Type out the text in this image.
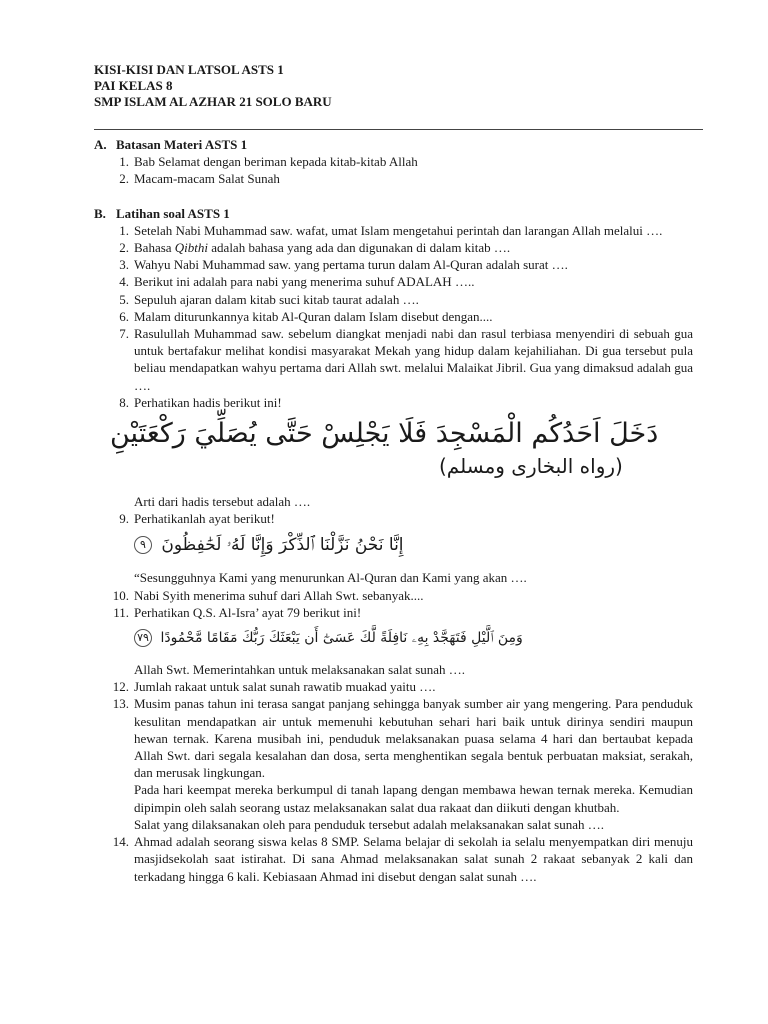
KISI-KISI DAN LATSOL ASTS 1
PAI KELAS 8
SMP ISLAM AL AZHAR 21 SOLO BARU
A. Batasan Materi ASTS 1
1. Bab Selamat dengan beriman kepada kitab-kitab Allah
2. Macam-macam Salat Sunah
B. Latihan soal ASTS 1
1. Setelah Nabi Muhammad saw. wafat, umat Islam mengetahui perintah dan larangan Allah melalui ….
2. Bahasa Qibthi adalah bahasa yang ada dan digunakan di dalam kitab ….
3. Wahyu Nabi Muhammad saw. yang pertama turun dalam Al-Quran adalah surat ….
4. Berikut ini adalah para nabi yang menerima suhuf ADALAH …..
5. Sepuluh ajaran dalam kitab suci kitab taurat adalah ….
6. Malam diturunkannya kitab Al-Quran dalam Islam disebut dengan....
7. Rasulullah Muhammad saw. sebelum diangkat menjadi nabi dan rasul terbiasa menyendiri di sebuah gua untuk bertafakur melihat kondisi masyarakat Mekah yang hidup dalam kejahiliahan. Di gua tersebut pula beliau mendapatkan wahyu pertama dari Allah swt. melalui Malaikat Jibril. Gua yang dimaksud adalah gua ….
8. Perhatikan hadis berikut ini!
دَخَلَ اَحَدُكُم الْمَسْجِدَ فَلَا يَجْلِسْ حَتَّى يُصَلِّيَ رَكْعَتَيْنِ
(رواه البخارى ومسلم)
Arti dari hadis tersebut adalah ….
9. Perhatikanlah ayat berikut!
إِنَّا نَحْنُ نَزَّلْنَا ٱلذِّكْرَ وَإِنَّا لَهُۥ لَحَٰفِظُونَ ٩
“Sesungguhnya Kami yang menurunkan Al-Quran dan Kami yang akan ….
10. Nabi Syith menerima suhuf dari Allah Swt. sebanyak....
11. Perhatikan Q.S. Al-Isra’ ayat 79 berikut ini!
وَمِنَ ٱلَّيْلِ فَتَهَجَّدْ بِهِۦ نَافِلَةً لَّكَ عَسَىٰٓ أَن يَبْعَثَكَ رَبُّكَ مَقَامًا مَّحْمُودًا ٧٩
Allah Swt. Memerintahkan untuk melaksanakan salat sunah ….
12. Jumlah rakaat untuk salat sunah rawatib muakad yaitu ….
13. Musim panas tahun ini terasa sangat panjang sehingga banyak sumber air yang mengering. Para penduduk kesulitan mendapatkan air untuk memenuhi kebutuhan sehari hari baik untuk dirinya sendiri maupun hewan ternak. Karena musibah ini, penduduk melaksanakan puasa selama 4 hari dan bertaubat kepada Allah Swt. dari segala kesalahan dan dosa, serta menghentikan segala bentuk perbuatan maksiat, serakah, dan merusak lingkungan.
Pada hari keempat mereka berkumpul di tanah lapang dengan membawa hewan ternak mereka. Kemudian dipimpin oleh salah seorang ustaz melaksanakan salat dua rakaat dan diikuti dengan khutbah.
Salat yang dilaksanakan oleh para penduduk tersebut adalah melaksanakan salat sunah ….
14. Ahmad adalah seorang siswa kelas 8 SMP. Selama belajar di sekolah ia selalu menyempatkan diri menuju masjidsekolah saat istirahat. Di sana Ahmad melaksanakan salat sunah 2 rakaat sebanyak 2 kali dan terkadang hingga 6 kali. Kebiasaan Ahmad ini disebut dengan salat sunah ….
